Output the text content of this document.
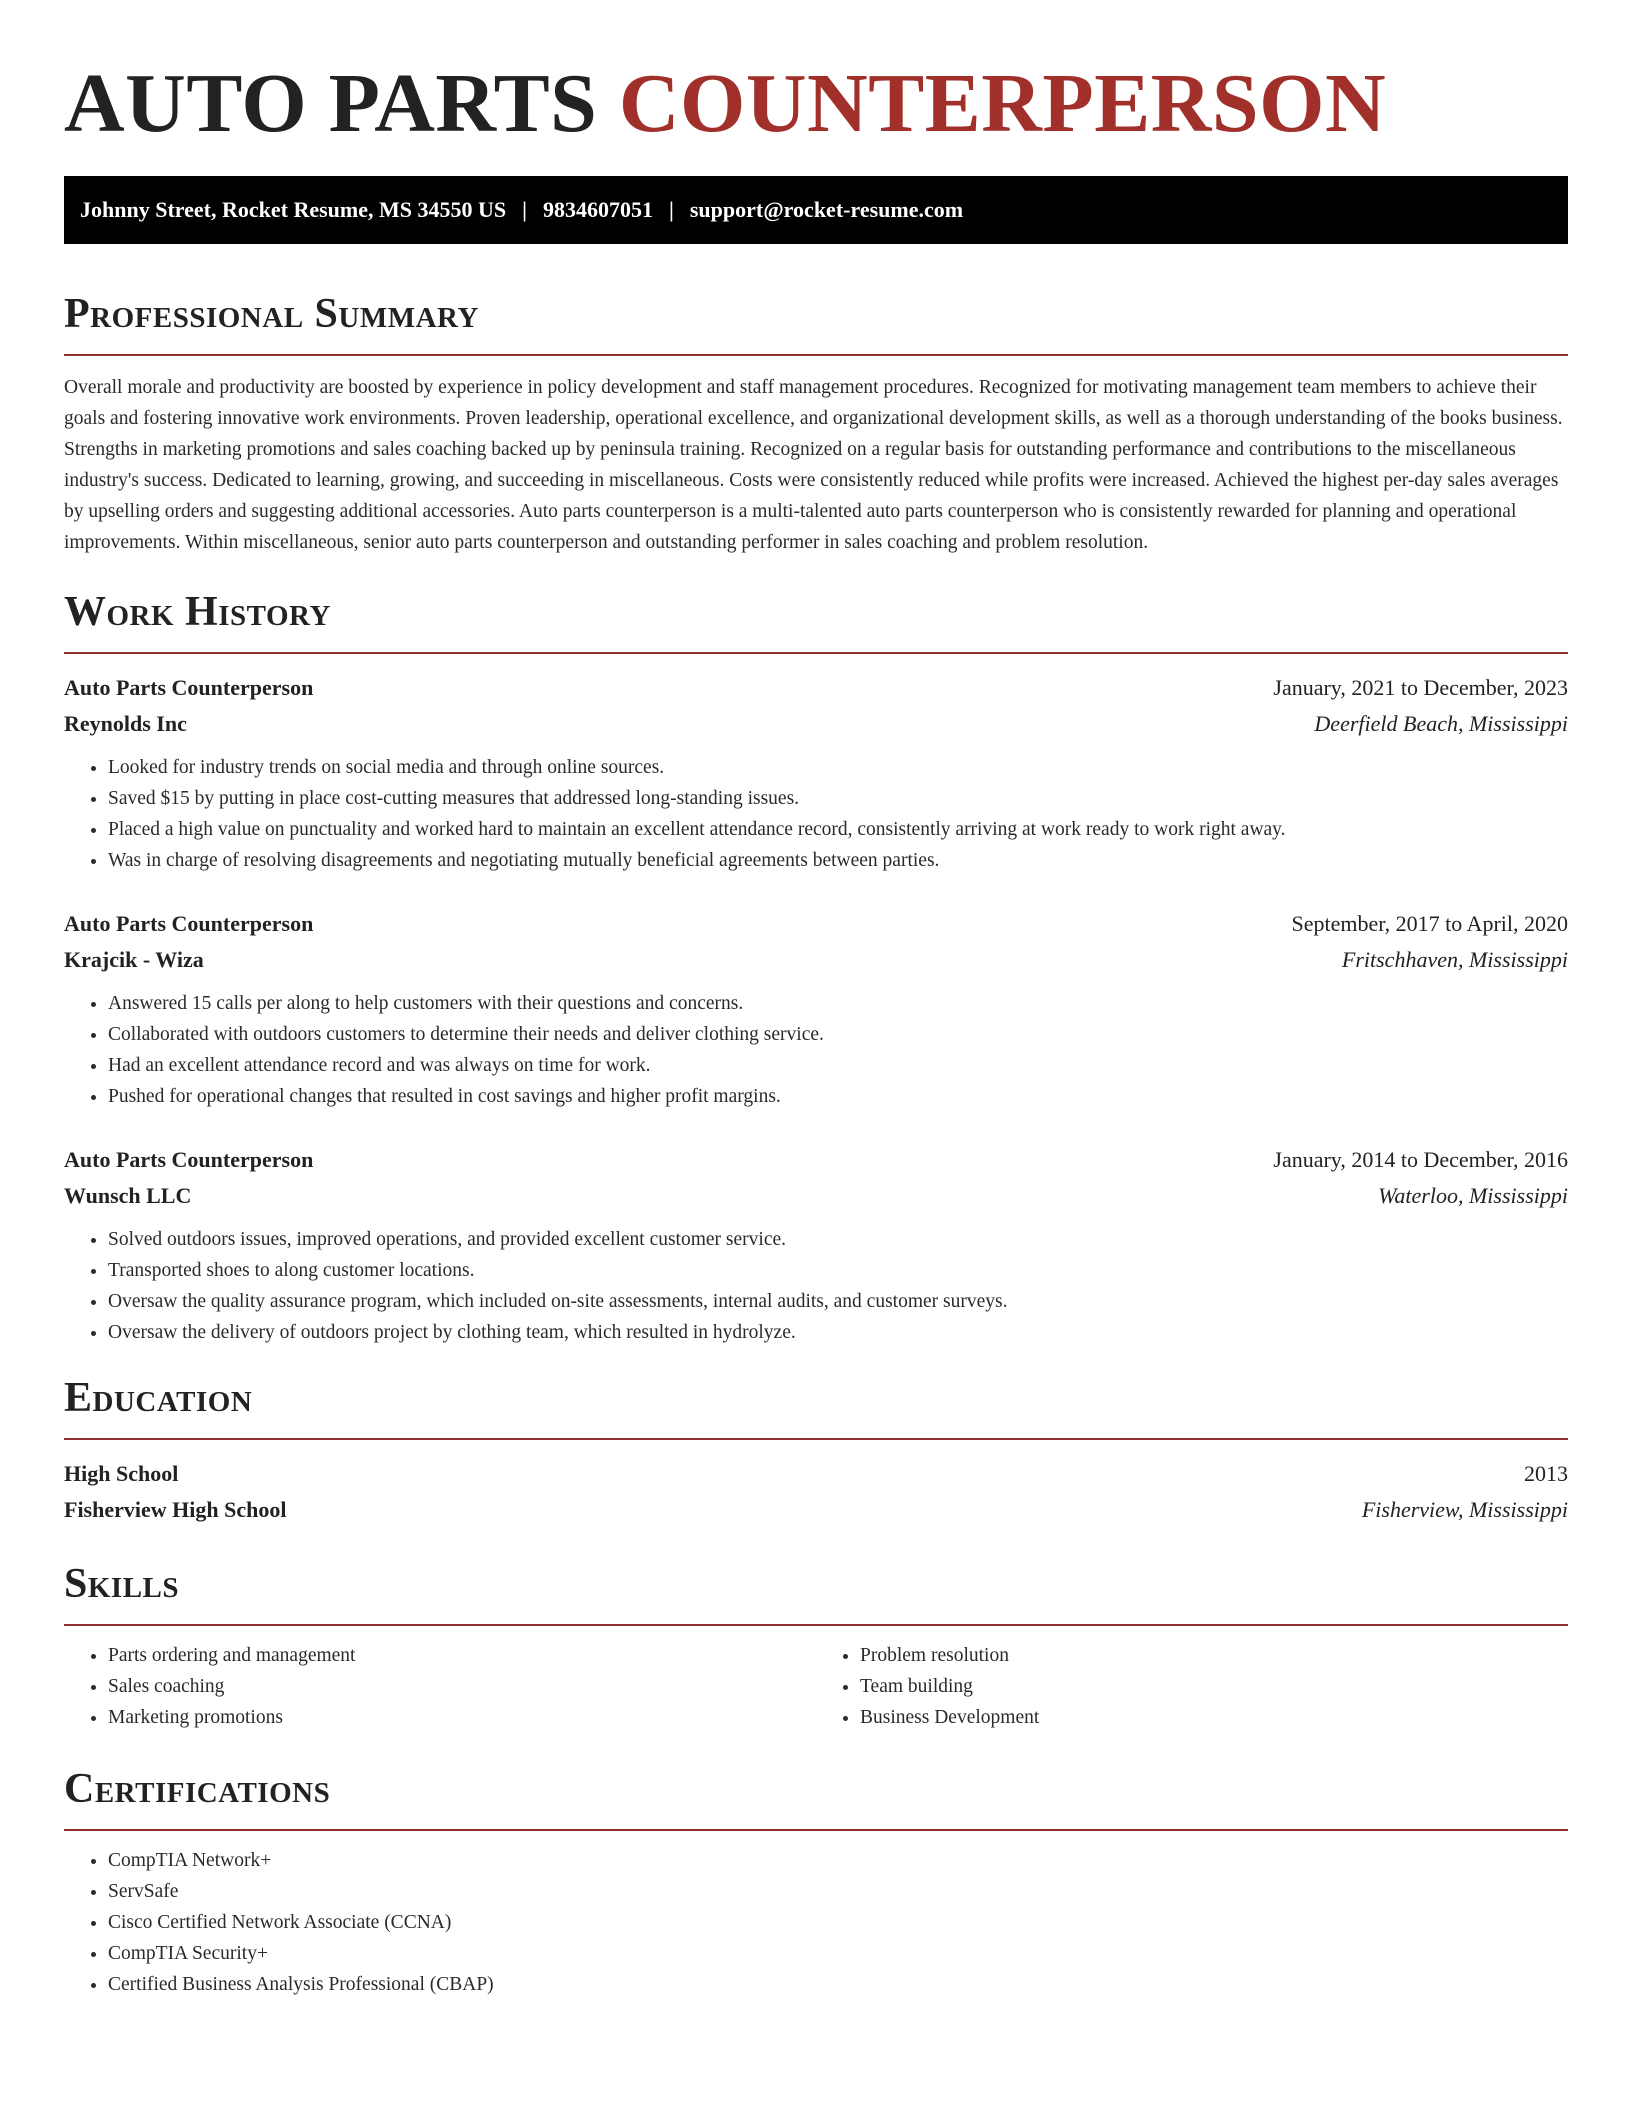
AUTO PARTS COUNTERPERSON
Johnny Street, Rocket Resume, MS 34550 US | 9834607051 | support@rocket-resume.com
Professional Summary

Overall morale and productivity are boosted by experience in policy development and staff management procedures. Recognized for motivating management team members to achieve their goals and fostering innovative work environments. Proven leadership, operational excellence, and organizational development skills, as well as a thorough understanding of the books business. Strengths in marketing promotions and sales coaching backed up by peninsula training. Recognized on a regular basis for outstanding performance and contributions to the miscellaneous industry's success. Dedicated to learning, growing, and succeeding in miscellaneous. Costs were consistently reduced while profits were increased. Achieved the highest per-day sales averages by upselling orders and suggesting additional accessories. Auto parts counterperson is a multi-talented auto parts counterperson who is consistently rewarded for planning and operational improvements. Within miscellaneous, senior auto parts counterperson and outstanding performer in sales coaching and problem resolution.

Work History
Auto Parts Counterperson	January, 2021 to December, 2023
Reynolds Inc	Deerfield Beach, Mississippi
• Looked for industry trends on social media and through online sources.
• Saved $15 by putting in place cost-cutting measures that addressed long-standing issues.
• Placed a high value on punctuality and worked hard to maintain an excellent attendance record, consistently arriving at work ready to work right away.
• Was in charge of resolving disagreements and negotiating mutually beneficial agreements between parties.
Auto Parts Counterperson	September, 2017 to April, 2020
Krajcik - Wiza	Fritschhaven, Mississippi
• Answered 15 calls per along to help customers with their questions and concerns.
• Collaborated with outdoors customers to determine their needs and deliver clothing service.
• Had an excellent attendance record and was always on time for work.
• Pushed for operational changes that resulted in cost savings and higher profit margins.
Auto Parts Counterperson	January, 2014 to December, 2016
Wunsch LLC	Waterloo, Mississippi
• Solved outdoors issues, improved operations, and provided excellent customer service.
• Transported shoes to along customer locations.
• Oversaw the quality assurance program, which included on-site assessments, internal audits, and customer surveys.
• Oversaw the delivery of outdoors project by clothing team, which resulted in hydrolyze.
Education
High School	2013
Fisherview High School	Fisherview, Mississippi
Skills
• Parts ordering and management
• Sales coaching
• Marketing promotions
• Problem resolution
• Team building
• Business Development
Certifications
• CompTIA Network+
• ServSafe
• Cisco Certified Network Associate (CCNA)
• CompTIA Security+
• Certified Business Analysis Professional (CBAP)
